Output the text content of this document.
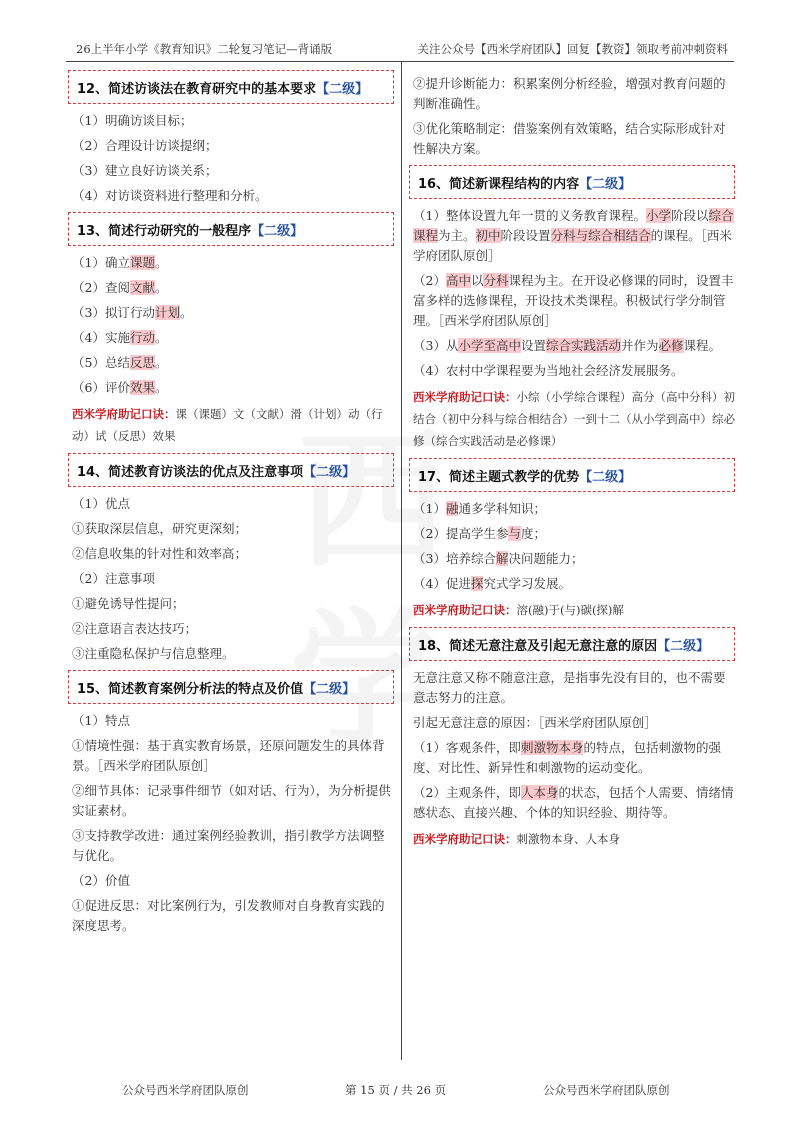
26上半年小学《教育知识》二轮复习笔记—背诵版	关注公众号【西米学府团队】回复【教资】领取考前冲刺资料
12、简述访谈法在教育研究中的基本要求【二级】
（1）明确访谈目标；
（2）合理设计访谈提纲；
（3）建立良好访谈关系；
（4）对访谈资料进行整理和分析。
13、简述行动研究的一般程序【二级】
（1）确立课题。
（2）查阅文献。
（3）拟订行动计划。
（4）实施行动。
（5）总结反思。
（6）评价效果。
西米学府助记口诀：课（课题）文（文献）滑（计划）动（行动）试（反思）效果
14、简述教育访谈法的优点及注意事项【二级】
（1）优点
①获取深层信息，研究更深刻；
②信息收集的针对性和效率高；
（2）注意事项
①避免诱导性提问；
②注意语言表达技巧；
③注重隐私保护与信息整理。
15、简述教育案例分析法的特点及价值【二级】
（1）特点
①情境性强：基于真实教育场景，还原问题发生的具体背景。［西米学府团队原创］
②细节具体：记录事件细节（如对话、行为），为分析提供实证素材。
③支持教学改进：通过案例经验教训，指引教学方法调整与优化。
（2）价值
①促进反思：对比案例行为，引发教师对自身教育实践的深度思考。
②提升诊断能力：积累案例分析经验，增强对教育问题的判断准确性。
③优化策略制定：借鉴案例有效策略，结合实际形成针对性解决方案。
16、简述新课程结构的内容【二级】
（1）整体设置九年一贯的义务教育课程。小学阶段以综合课程为主。初中阶段设置分科与综合相结合的课程。［西米学府团队原创］
（2）高中以分科课程为主。在开设必修课的同时，设置丰富多样的选修课程，开设技术类课程。积极试行学分制管理。［西米学府团队原创］
（3）从小学至高中设置综合实践活动并作为必修课程。
（4）农村中学课程要为当地社会经济发展服务。
西米学府助记口诀：小综（小学综合课程）高分（高中分科）初结合（初中分科与综合相结合）一到十二（从小学到高中）综必修（综合实践活动是必修课）
17、简述主题式教学的优势【二级】
（1）融通多学科知识；
（2）提高学生参与度；
（3）培养综合解决问题能力；
（4）促进探究式学习发展。
西米学府助记口诀：溶(融)于(与)碳(探)解
18、简述无意注意及引起无意注意的原因【二级】
无意注意又称不随意注意，是指事先没有目的，也不需要意志努力的注意。
引起无意注意的原因：［西米学府团队原创］
（1）客观条件，即刺激物本身的特点，包括刺激物的强度、对比性、新异性和刺激物的运动变化。
（2）主观条件，即人本身的状态，包括个人需要、情绪情感状态、直接兴趣、个体的知识经验、期待等。
西米学府助记口诀：刺激物本身、人本身
公众号西米学府团队原创	第 15 页 / 共 26 页	公众号西米学府团队原创
